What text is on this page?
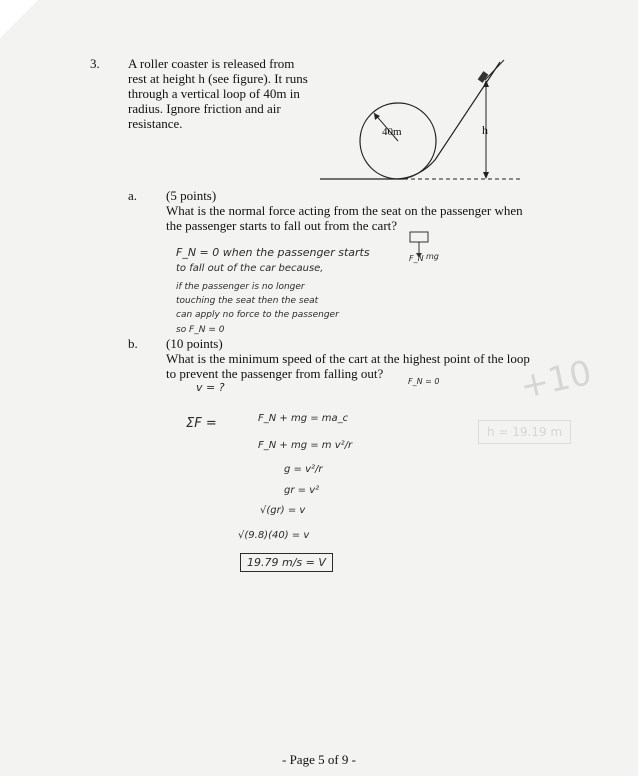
+10
h = 19.19 m
3. A roller coaster is released from rest at height h (see figure). It runs through a vertical loop of 40m in radius. Ignore friction and air resistance.
40m	h
a. (5 points)
What is the normal force acting from the seat on the passenger when the passenger starts to fall out from the cart?
F_N = 0 when the passenger starts
to fall out of the car because,
if the passenger is no longer
touching the seat then the seat
can apply no force to the passenger
so F_N = 0
F_N mg
b. (10 points)
What is the minimum speed of the cart at the highest point of the loop to prevent the passenger from falling out?
v = ?	F_N = 0
ΣF =	F_N + mg = ma_c
F_N + mg = m v²/r
g = v²/r
gr = v²
√(gr) = v
√(9.8)(40) = v
19.79 m/s = V
- Page 5 of 9 -
